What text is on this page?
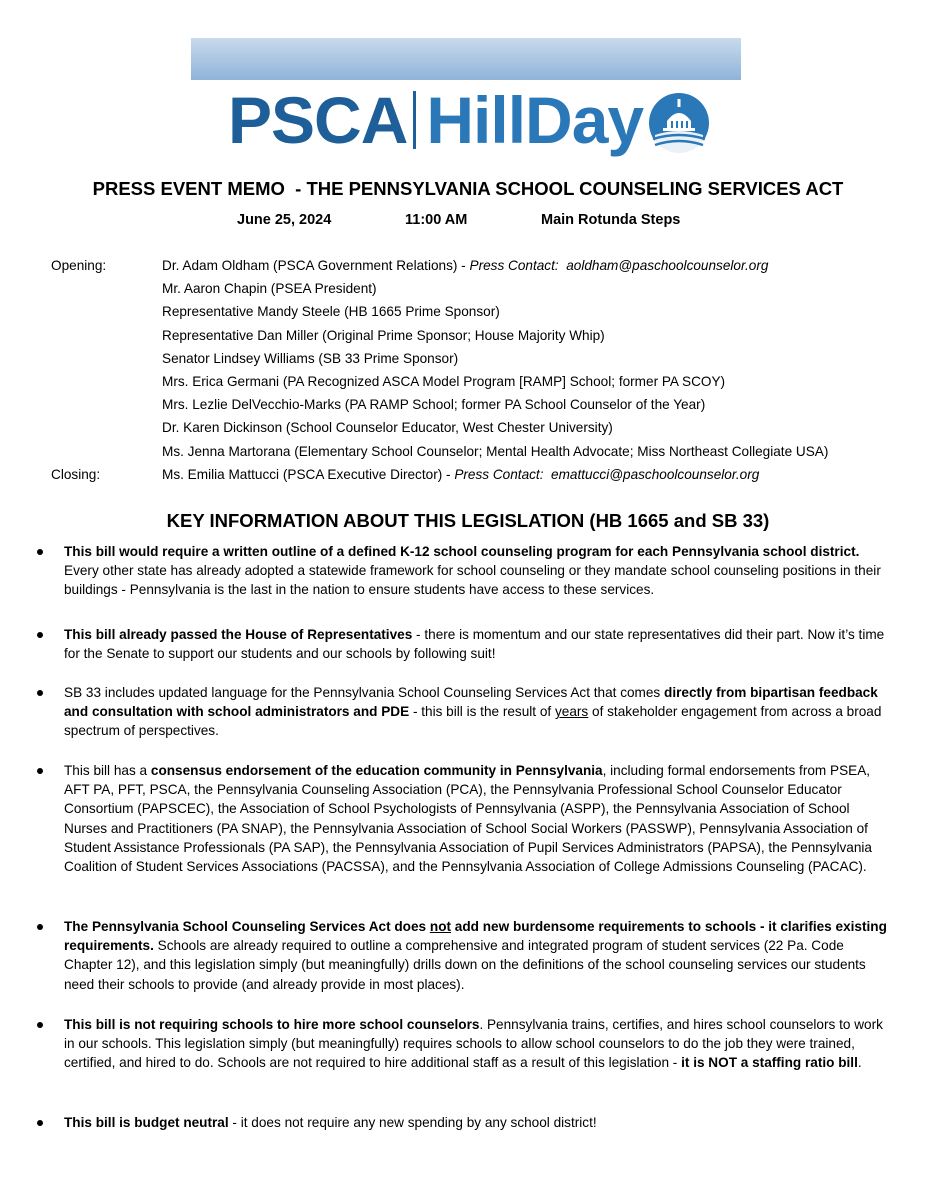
PSCA HillDay
PRESS EVENT MEMO  - THE PENNSYLVANIA SCHOOL COUNSELING SERVICES ACT
June 25, 2024	11:00 AM	Main Rotunda Steps
Opening:	Dr. Adam Oldham (PSCA Government Relations) - Press Contact: aoldham@paschoolcounselor.org
Mr. Aaron Chapin (PSEA President)
Representative Mandy Steele (HB 1665 Prime Sponsor)
Representative Dan Miller (Original Prime Sponsor; House Majority Whip)
Senator Lindsey Williams (SB 33 Prime Sponsor)
Mrs. Erica Germani (PA Recognized ASCA Model Program [RAMP] School; former PA SCOY)
Mrs. Lezlie DelVecchio-Marks (PA RAMP School; former PA School Counselor of the Year)
Dr. Karen Dickinson (School Counselor Educator, West Chester University)
Ms. Jenna Martorana (Elementary School Counselor; Mental Health Advocate; Miss Northeast Collegiate USA)
Closing:	Ms. Emilia Mattucci (PSCA Executive Director) - Press Contact: emattucci@paschoolcounselor.org
KEY INFORMATION ABOUT THIS LEGISLATION (HB 1665 and SB 33)
This bill would require a written outline of a defined K-12 school counseling program for each Pennsylvania school district. Every other state has already adopted a statewide framework for school counseling or they mandate school counseling positions in their buildings - Pennsylvania is the last in the nation to ensure students have access to these services.
This bill already passed the House of Representatives - there is momentum and our state representatives did their part. Now it’s time for the Senate to support our students and our schools by following suit!
SB 33 includes updated language for the Pennsylvania School Counseling Services Act that comes directly from bipartisan feedback and consultation with school administrators and PDE - this bill is the result of years of stakeholder engagement from across a broad spectrum of perspectives.
This bill has a consensus endorsement of the education community in Pennsylvania, including formal endorsements from PSEA, AFT PA, PFT, PSCA, the Pennsylvania Counseling Association (PCA), the Pennsylvania Professional School Counselor Educator Consortium (PAPSCEC), the Association of School Psychologists of Pennsylvania (ASPP), the Pennsylvania Association of School Nurses and Practitioners (PA SNAP), the Pennsylvania Association of School Social Workers (PASSWP), Pennsylvania Association of Student Assistance Professionals (PA SAP), the Pennsylvania Association of Pupil Services Administrators (PAPSA), the Pennsylvania Coalition of Student Services Associations (PACSSA), and the Pennsylvania Association of College Admissions Counseling (PACAC).
The Pennsylvania School Counseling Services Act does not add new burdensome requirements to schools - it clarifies existing requirements. Schools are already required to outline a comprehensive and integrated program of student services (22 Pa. Code Chapter 12), and this legislation simply (but meaningfully) drills down on the definitions of the school counseling services our students need their schools to provide (and already provide in most places).
This bill is not requiring schools to hire more school counselors. Pennsylvania trains, certifies, and hires school counselors to work in our schools. This legislation simply (but meaningfully) requires schools to allow school counselors to do the job they were trained, certified, and hired to do. Schools are not required to hire additional staff as a result of this legislation - it is NOT a staffing ratio bill.
This bill is budget neutral - it does not require any new spending by any school district!
